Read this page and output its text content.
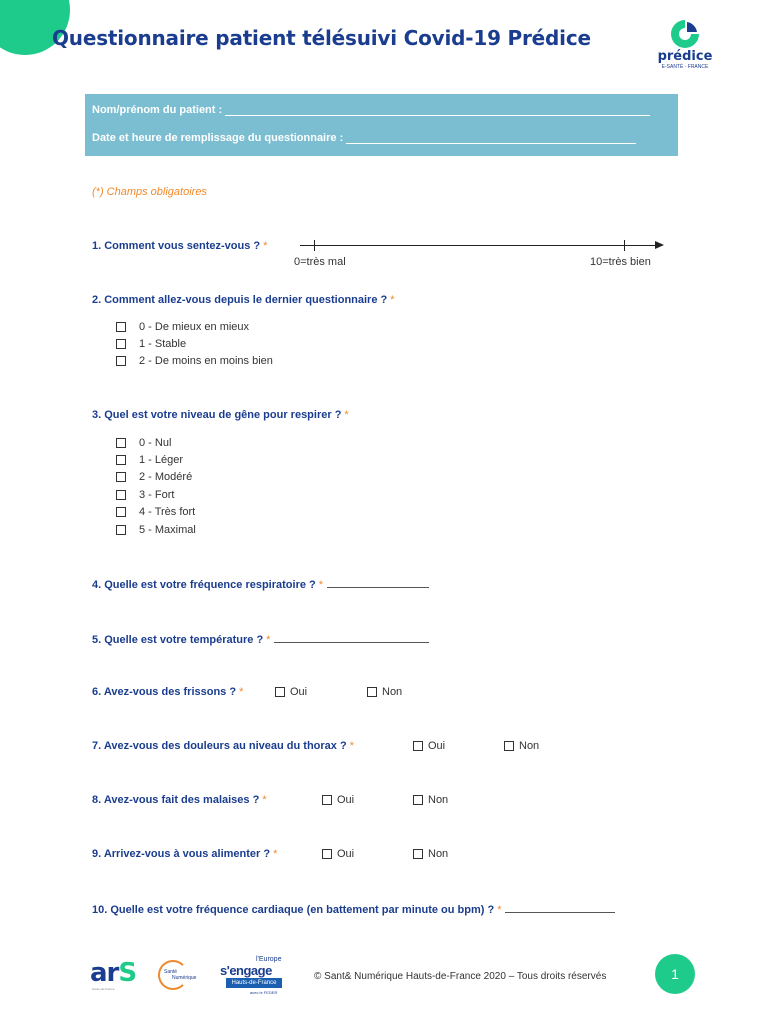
Questionnaire patient télésuivi Covid-19 Prédice
prédice
E-SANTÉ · FRANCE
Nom/prénom du patient :
Date et heure de remplissage du questionnaire :
(*) Champs obligatoires
1. Comment vous sentez-vous ? *
0=très mal	10=très bien
2. Comment allez-vous depuis le dernier questionnaire ? *
0 - De mieux en mieux
1 - Stable
2 - De moins en moins bien
3. Quel est votre niveau de gêne pour respirer ? *
0 - Nul
1 - Léger
2 - Modéré
3 - Fort
4 - Très fort
5 - Maximal
4. Quelle est votre fréquence respiratoire ? *
5. Quelle est votre température ? *
6. Avez-vous des frissons ? *	Oui	Non
7. Avez-vous des douleurs au niveau du thorax ? *	Oui	Non
8. Avez-vous fait des malaises ? *	Oui	Non
9. Arrivez-vous à vous alimenter ? *	Oui	Non
10. Quelle est votre fréquence cardiaque (en battement par minute ou bpm) ? *
arS
Hauts-de-France
Santé
Numérique
l'Europe
s'engage
Hauts-de-France
avec le FEDER
© Sant& Numérique Hauts-de-France 2020 – Tous droits réservés	1
